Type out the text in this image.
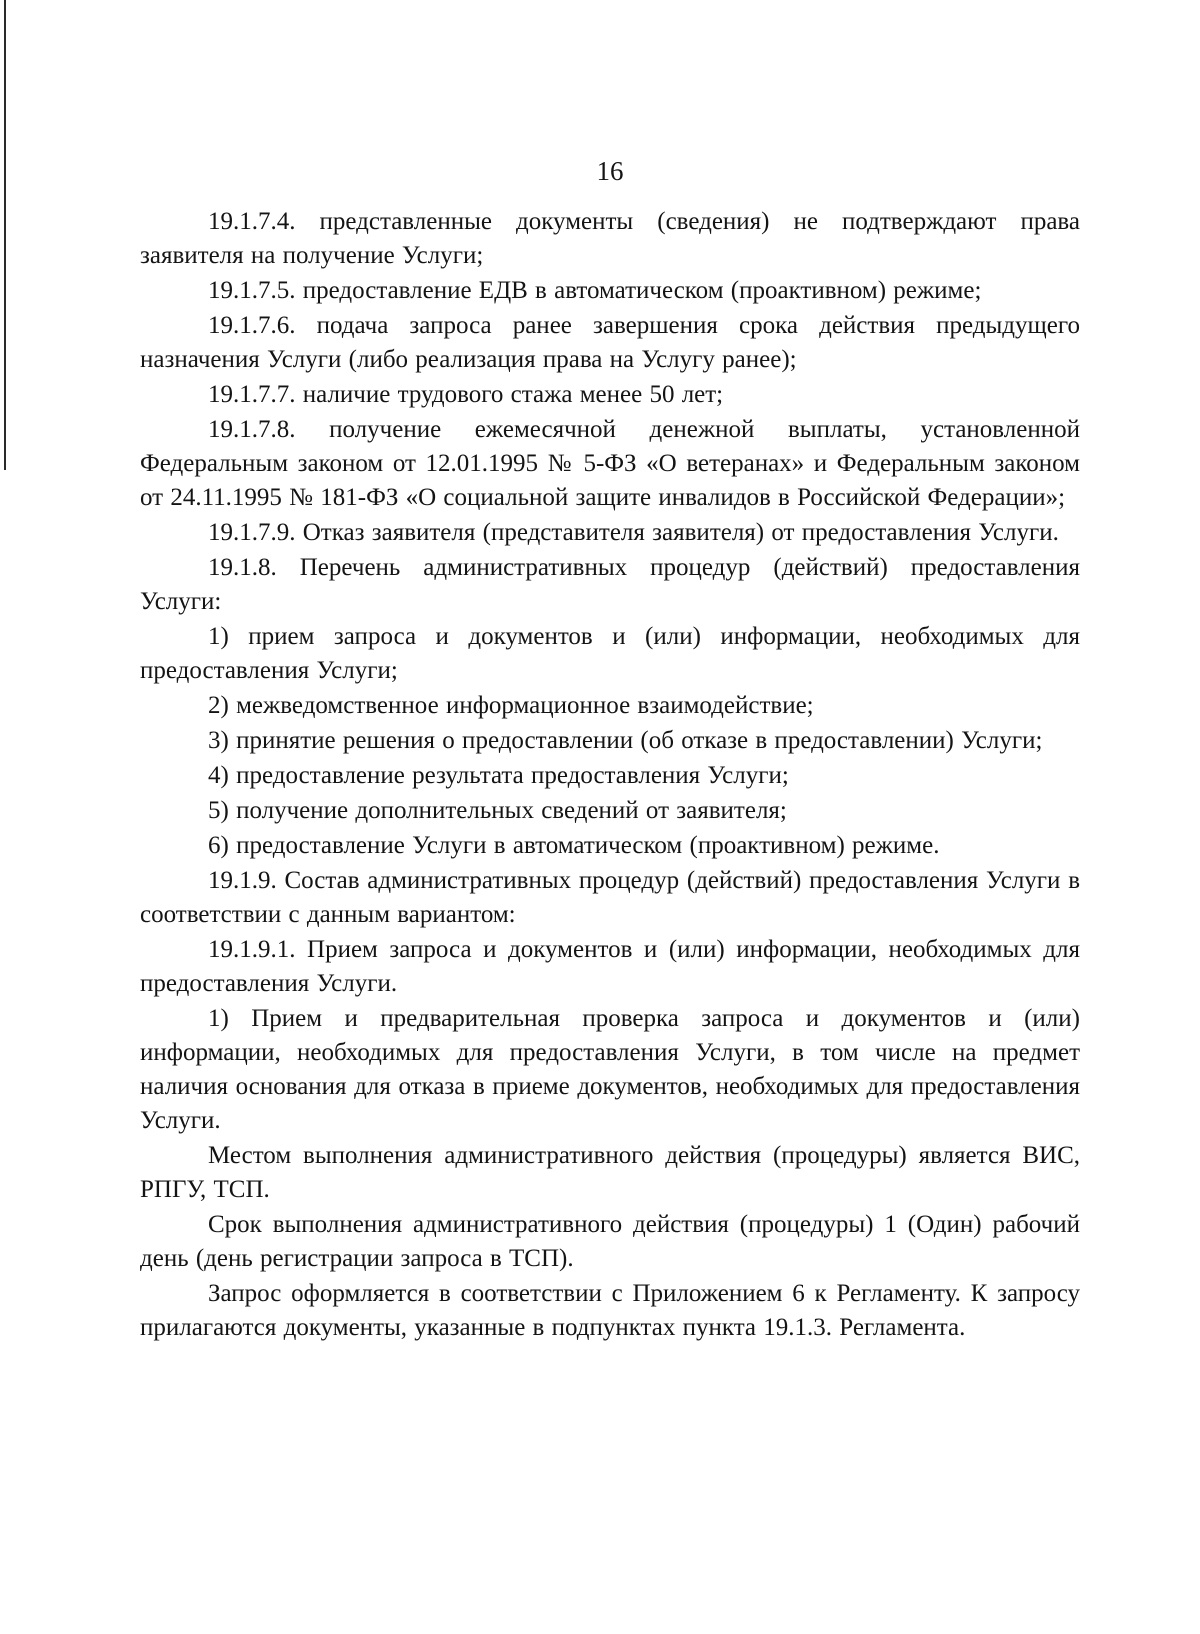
16

19.1.7.4. представленные документы (сведения) не подтверждают права заявителя на получение Услуги;

19.1.7.5. предоставление ЕДВ в автоматическом (проактивном) режиме;

19.1.7.6. подача запроса ранее завершения срока действия предыдущего назначения Услуги (либо реализация права на Услугу ранее);

19.1.7.7. наличие трудового стажа менее 50 лет;

19.1.7.8. получение ежемесячной денежной выплаты, установленной Федеральным законом от 12.01.1995 № 5-ФЗ «О ветеранах» и Федеральным законом от 24.11.1995 № 181-ФЗ «О социальной защите инвалидов в Российской Федерации»;

19.1.7.9. Отказ заявителя (представителя заявителя) от предоставления Услуги.

19.1.8. Перечень административных процедур (действий) предоставления Услуги:

1) прием запроса и документов и (или) информации, необходимых для предоставления Услуги;

2) межведомственное информационное взаимодействие;

3) принятие решения о предоставлении (об отказе в предоставлении) Услуги;

4) предоставление результата предоставления Услуги;

5) получение дополнительных сведений от заявителя;

6) предоставление Услуги в автоматическом (проактивном) режиме.

19.1.9. Состав административных процедур (действий) предоставления Услуги в соответствии с данным вариантом:

19.1.9.1. Прием запроса и документов и (или) информации, необходимых для предоставления Услуги.

1) Прием и предварительная проверка запроса и документов и (или) информации, необходимых для предоставления Услуги, в том числе на предмет наличия основания для отказа в приеме документов, необходимых для предоставления Услуги.

Местом выполнения административного действия (процедуры) является ВИС, РПГУ, ТСП.

Срок выполнения административного действия (процедуры) 1 (Один) рабочий день (день регистрации запроса в ТСП).

Запрос оформляется в соответствии с Приложением 6 к Регламенту. К запросу прилагаются документы, указанные в подпунктах пункта 19.1.3. Регламента.
